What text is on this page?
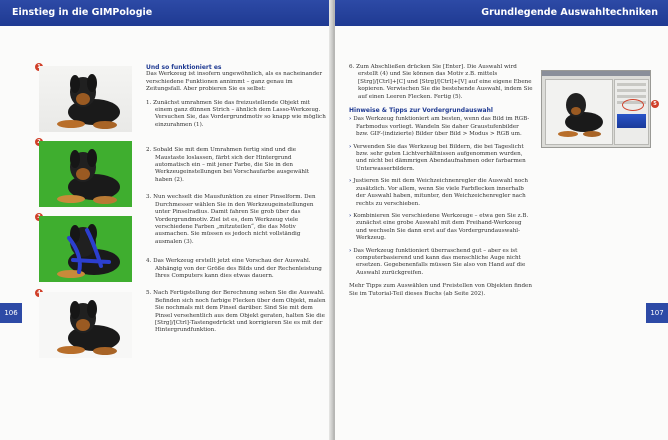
Einstieg in die GIMPologie
Und so funktioniert es

Das Werkzeug ist insofern ungewöhnlich, als es nacheinander verschiedene Funktionen annimmt – ganz genau im Zeitungsfall. Aber probieren Sie es selbst:

1. Zunächst umrahmen Sie das freizustellende Objekt mit einem ganz dünnen Strich – ähnlich dem Lasso-Werkzeug. Versuchen Sie, das Vordergrundmotiv so knapp wie möglich einzurahmen (1).

2. Sobald Sie mit dem Umrahmen fertig sind und die Maustaste loslassen, färbt sich der Hintergrund automatisch ein – mit jener Farbe, die Sie in den Werkzeugeinstellungen bei Vorschaufarbe ausgewählt haben (2).

3. Nun wechselt die Mausfunktion zu einer Pinselform. Den Durchmesser wählen Sie in den Werkzeugeinstellungen unter Pinselradius. Damit fahren Sie grob über das Vordergrundmotiv. Ziel ist es, dem Werkzeug viele verschiedene Farben „mitzuteilen“, die das Motiv ausmachen. Sie müssen es jedoch nicht vollständig ausmalen (3).

4. Das Werkzeug erstellt jetzt eine Vorschau der Auswahl. Abhängig von der Größe des Bilds und der Rechenleistung Ihres Computers kann dies etwas dauern.

5. Nach Fertigstellung der Berechnung sehen Sie die Auswahl. Befinden sich noch farbige Flecken über dem Objekt, malen Sie nochmals mit dem Pinsel darüber. Sind Sie mit dem Pinsel versehentlich aus dem Objekt geraten, halten Sie die [Strg]/[Ctrl]-Tastengedrückt und korrigieren Sie es mit der Hintergrundfunktion.

106
Grundlegende Auswahltechniken

6. Zum Abschließen drücken Sie [Enter]. Die Auswahl wird erstellt (4) und Sie können das Motiv z.B. mittels [Strg]/[Ctrl]+[C] und [Strg]/[Ctrl]+[V] auf eine eigene Ebene kopieren. Verwischen Sie die bestehende Auswahl, indem Sie auf einen Leeren Flecken. Fertig (5).

Hinweise & Tipps zur Vordergrundauswahl

› Das Werkzeug funktioniert am besten, wenn das Bild im RGB-Farbmodus vorliegt. Wandeln Sie daher Graustufenbilder bzw. GIF-(indizierte) Bilder über Bild > Modus > RGB um.

› Verwenden Sie das Werkzeug bei Bildern, die bei Tageslicht bzw. sehr guten Lichtverhältnissen aufgenommen wurden, und nicht bei dämmrigen Abendaufnahmen oder farbarmen Unterwasserbildern.

› Justieren Sie mit dem Weichzeichnenregler die Auswahl noch zusätzlich. Vor allem, wenn Sie viele Farbflecken innerhalb der Auswahl haben, mitunter, den Weichzeichenregler nach rechts zu verschieben.

› Kombinieren Sie verschiedene Werkzeuge – etwa gen Sie z.B. zunächst eine grobe Auswahl mit dem Freihand-Werkzeug und wechseln Sie dann erst auf das Vordergrundauswahl-Werkzeug.

› Das Werkzeug funktioniert überraschend gut – aber es ist computerbasierend und kann das menschliche Auge nicht ersetzen. Gegebenenfalls müssen Sie also von Hand auf die Auswahl zurückgreifen.

Mehr Tipps zum Auswählen und Freistellen von Objekten finden Sie im Tutorial-Teil dieses Buchs (ab Seite 202).

5
107
